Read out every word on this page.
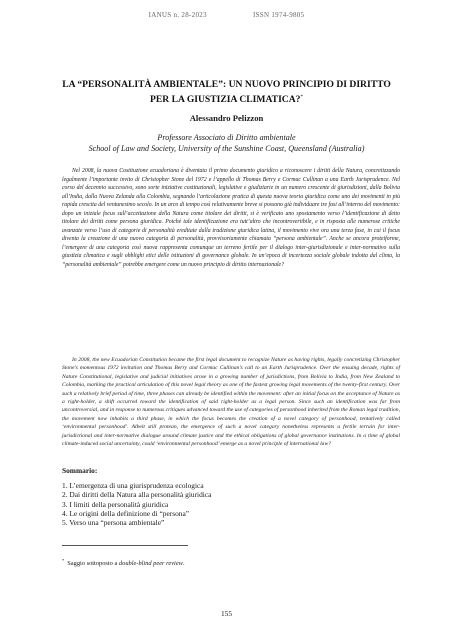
IANUS n. 28-2023	ISSN 1974-9805
LA “PERSONALITÀ AMBIENTALE”: UN NUOVO PRINCIPIO DI DIRITTO PER LA GIUSTIZIA CLIMATICA?*
Alessandro Pelizzon
Professore Associato di Diritto ambientale
School of Law and Society, University of the Sunshine Coast, Queensland (Australia)

Nel 2008, la nuova Costituzione ecuadoriana è diventata il primo documento giuridico a riconoscere i diritti della Natura, concretizzando legalmente l’importante invito di Christopher Stone del 1972 e l’appello di Thomas Berry e Cormac Cullinan a una Earth Jurisprudence. Nel corso del decennio successivo, sono sorte iniziative costituzionali, legislative e giudiziarie in un numero crescente di giurisdizioni, dalla Bolivia all’India, dalla Nuova Zelanda alla Colombia, segnando l’articolazione pratica di questa nuova teoria giuridica come uno dei movimenti in più rapida crescita del ventunesimo secolo. In un arco di tempo così relativamente breve si possono già individuare tre fasi all’interno del movimento: dopo un iniziale focus sull’accettazione della Natura come titolare dei diritti, si è verificato uno spostamento verso l’identificazione di detto titolare dei diritti come persona giuridica. Poiché tale identificazione era tutt’altro che incontrovertibile, e in risposta alle numerose critiche avanzate verso l’uso di categorie di personalità ereditate dalla tradizione giuridica latina, il movimento vive ora una terza fase, in cui il focus diventa la creazione di una nuova categoria di personalità, provvisoriamente chiamata “persona ambientale”. Anche se ancora proteiforme, l’emergere di una categoria così nuova rappresenta comunque un terreno fertile per il dialogo inter-giurisdizionale e inter-normativo sulla giustizia climatica e sugli obblighi etici delle istituzioni di governance globale. In un’epoca di incertezza sociale globale indotta dal clima, la “personalità ambientale” potrebbe emergere come un nuovo principio di diritto internazionale?

In 2008, the new Ecuadorian Constitution became the first legal document to recognize Nature as having rights, legally concretizing Christopher Stone’s momentous 1972 invitation and Thomas Berry and Cormac Cullinan’s call to an Earth Jurisprudence. Over the ensuing decade, rights of Nature Constitutional, legislative and judicial initiatives arose in a growing number of jurisdictions, from Bolivia to India, from New Zealand to Colombia, marking the practical articulation of this novel legal theory as one of the fastest growing legal movements of the twenty-first century. Over such a relatively brief period of time, three phases can already be identified within the movement: after an initial focus on the acceptance of Nature as a right-holder, a shift occurred toward the identification of said right-holder as a legal person. Since such an identification was far from uncontroversial, and in response to numerous critiques advanced toward the use of categories of personhood inherited from the Roman legal tradition, the movement now inhabits a third phase, in which the focus becomes the creation of a novel category of personhood, tentatively called ‘environmental personhood’. Albeit still protean, the emergence of such a novel category nonetheless represents a fertile terrain for inter-jurisdictional and inter-normative dialogue around climate justice and the ethical obligations of global governance institutions. In a time of global climate-induced social uncertainty, could ‘environmental personhood’ emerge as a novel principle of international law?

Sommario:
1. L’emergenza di una giurisprudenza ecologica
2. Dai diritti della Natura alla personalità giuridica
3. I limiti della personalità giuridica
4. Le origini della definizione di “persona”
5. Verso una “persona ambientale”
* Saggio sottoposto a double-blind peer review.
155
